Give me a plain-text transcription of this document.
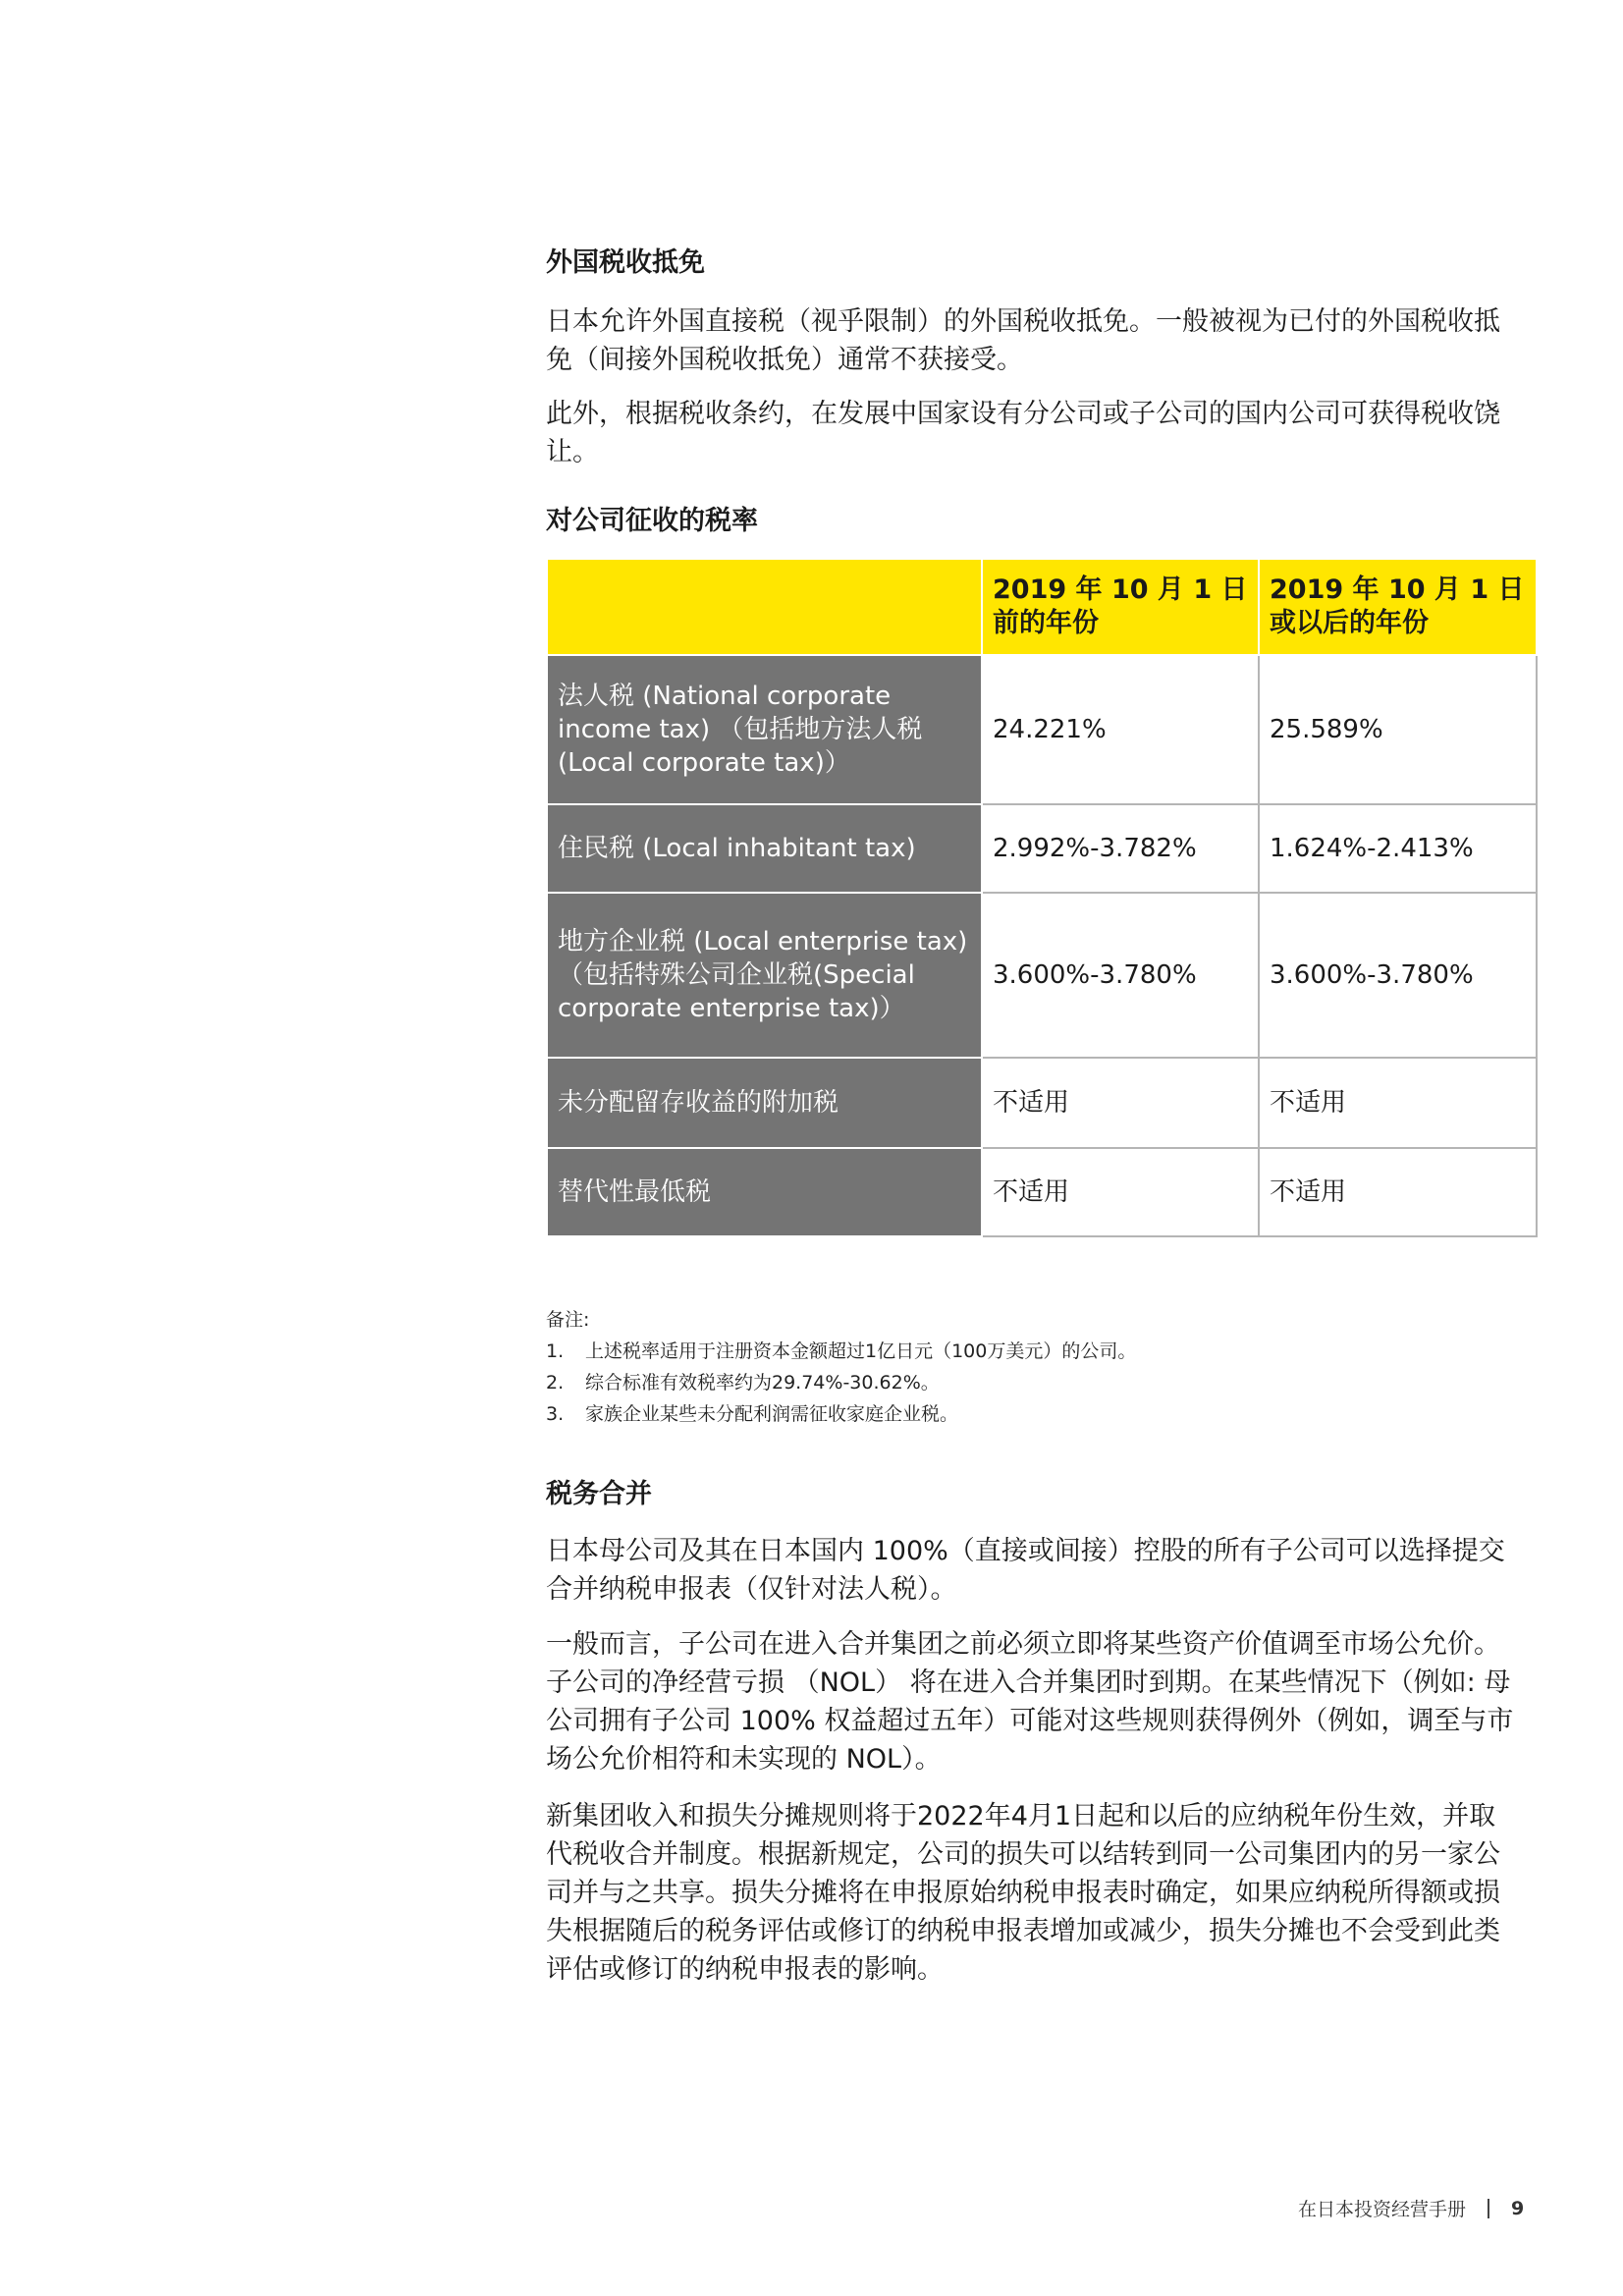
外国税收抵免

日本允许外国直接税（视乎限制）的外国税收抵免。一般被视为已付的外国税收抵免（间接外国税收抵免）通常不获接受。

此外，根据税收条约，在发展中国家设有分公司或子公司的国内公司可获得税收饶让。

对公司征收的税率
	2019 年 10 月 1 日前的年份	2019 年 10 月 1 日或以后的年份
法人税 (National corporate income tax) （包括地方法人税 (Local corporate tax)）	24.221%	25.589%
住民税 (Local inhabitant tax)	2.992%-3.782%	1.624%-2.413%
地方企业税 (Local enterprise tax) （包括特殊公司企业税(Special corporate enterprise tax)）	3.600%-3.780%	3.600%-3.780%
未分配留存收益的附加税	不适用	不适用
替代性最低税	不适用	不适用
备注:
1. 上述税率适用于注册资本金额超过1亿日元（100万美元）的公司。
2. 综合标准有效税率约为29.74%-30.62%。
3. 家族企业某些未分配利润需征收家庭企业税。
税务合并

日本母公司及其在日本国内 100%（直接或间接）控股的所有子公司可以选择提交合并纳税申报表（仅针对法人税）。

一般而言，子公司在进入合并集团之前必须立即将某些资产价值调至市场公允价。子公司的净经营亏损 （NOL） 将在进入合并集团时到期。在某些情况下（例如: 母公司拥有子公司 100% 权益超过五年）可能对这些规则获得例外（例如，调至与市场公允价相符和未实现的 NOL）。

新集团收入和损失分摊规则将于2022年4月1日起和以后的应纳税年份生效，并取代税收合并制度。根据新规定，公司的损失可以结转到同一公司集团内的另一家公司并与之共享。损失分摊将在申报原始纳税申报表时确定，如果应纳税所得额或损失根据随后的税务评估或修订的纳税申报表增加或减少，损失分摊也不会受到此类评估或修订的纳税申报表的影响。

在日本投资经营手册 9
